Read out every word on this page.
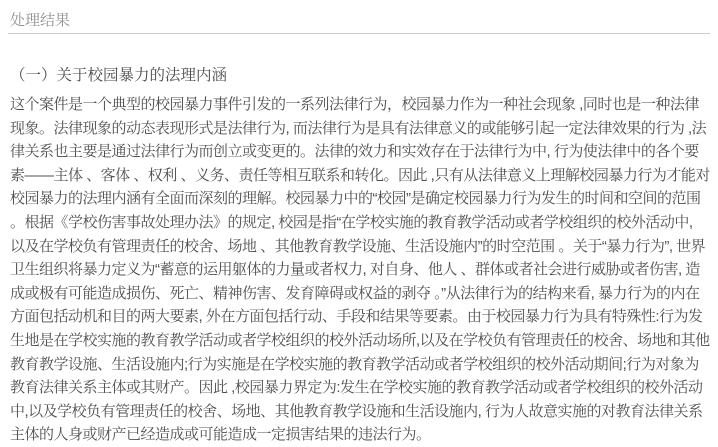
处理结果
（一）关于校园暴力的法理内涵

这个案件是一个典型的校园暴力事件引发的一系列法律行为，校园暴力作为一种社会现象 ,同时也是一种法律现象。法律现象的动态表现形式是法律行为, 而法律行为是具有法律意义的或能够引起一定法律效果的行为 ,法律关系也主要是通过法律行为而创立或变更的。法律的效力和实效存在于法律行为中, 行为使法律中的各个要素——主体 、客体 、权利 、义务、责任等相互联系和转化。因此 ,只有从法律意义上理解校园暴力行为才能对校园暴力的法理内涵有全面而深刻的理解。校园暴力中的“校园”是确定校园暴力行为发生的时间和空间的范围 。根据《学校伤害事故处理办法》的规定, 校园是指“在学校实施的教育教学活动或者学校组织的校外活动中, 以及在学校负有管理责任的校舍、场地 、其他教育教学设施、生活设施内”的时空范围 。关于“暴力行为”, 世界卫生组织将暴力定义为“蓄意的运用躯体的力量或者权力, 对自身、他人 、群体或者社会进行威胁或者伤害, 造成或极有可能造成损伤、死亡、精神伤害、发育障碍或权益的剥夺 。”从法律行为的结构来看, 暴力行为的内在方面包括动机和目的两大要素, 外在方面包括行动、手段和结果等要素。由于校园暴力行为具有特殊性:行为发生地是在学校实施的教育教学活动或者学校组织的校外活动场所,以及在学校负有管理责任的校舍、场地和其他教育教学设施、生活设施内;行为实施是在学校实施的教育教学活动或者学校组织的校外活动期间;行为对象为教育法律关系主体或其财产。因此 ,校园暴力界定为:发生在学校实施的教育教学活动或者学校组织的校外活动中,以及学校负有管理责任的校舍、场地、其他教育教学设施和生活设施内, 行为人故意实施的对教育法律关系主体的人身或财产已经造成或可能造成一定损害结果的违法行为。
